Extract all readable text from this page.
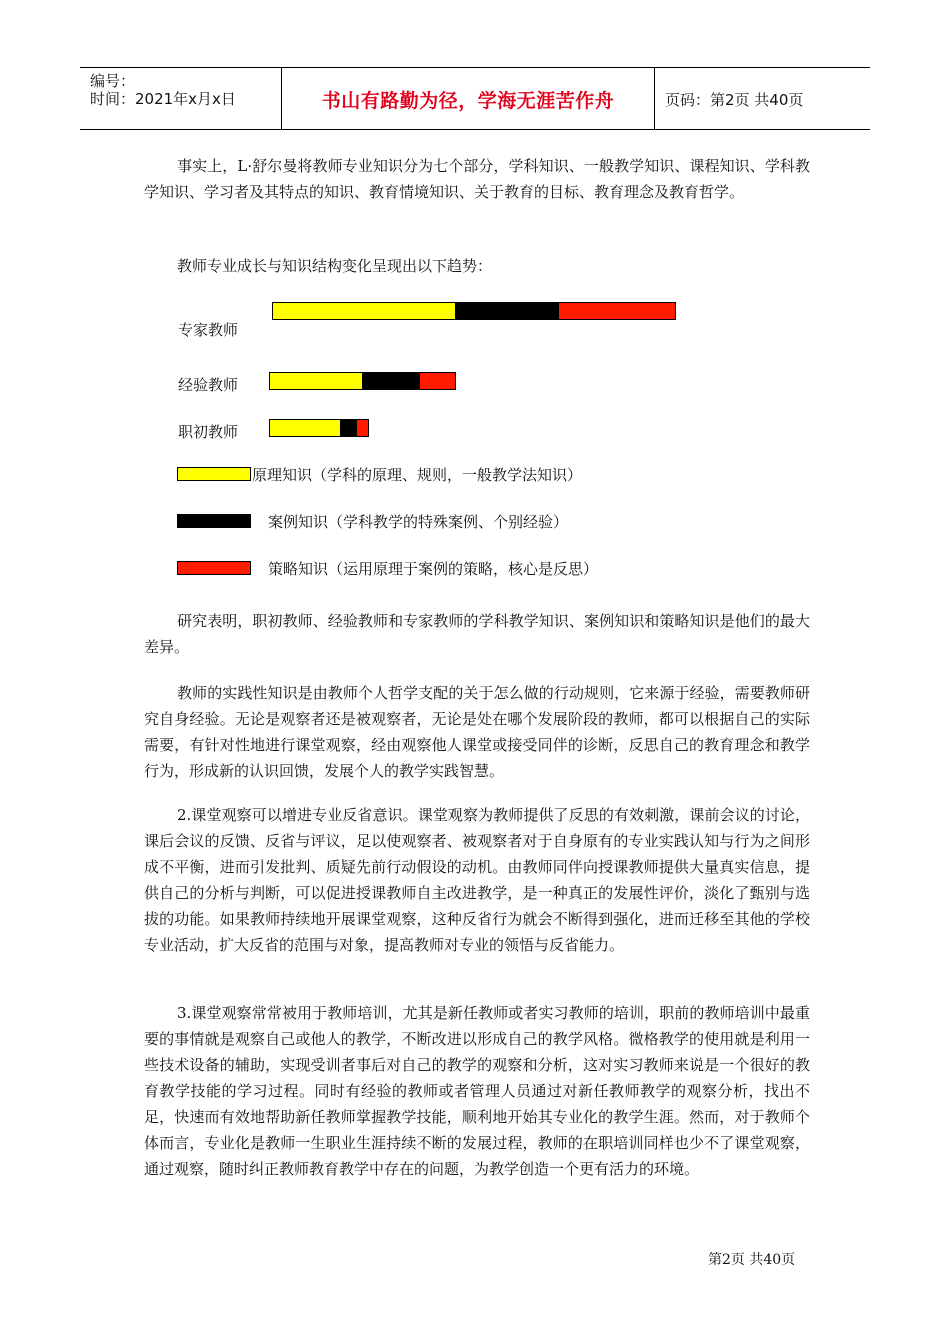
编号：
时间：2021年x月x日	书山有路勤为径，学海无涯苦作舟	页码：第2页 共40页

事实上，L·舒尔曼将教师专业知识分为七个部分，学科知识、一般教学知识、课程知识、学科教学知识、学习者及其特点的知识、教育情境知识、关于教育的目标、教育理念及教育哲学。

教师专业成长与知识结构变化呈现出以下趋势：

专家教师
经验教师
职初教师
原理知识（学科的原理、规则，一般教学法知识）
案例知识（学科教学的特殊案例、个别经验）
策略知识（运用原理于案例的策略，核心是反思）

研究表明，职初教师、经验教师和专家教师的学科教学知识、案例知识和策略知识是他们的最大差异。

教师的实践性知识是由教师个人哲学支配的关于怎么做的行动规则，它来源于经验，需要教师研究自身经验。无论是观察者还是被观察者，无论是处在哪个发展阶段的教师，都可以根据自己的实际需要，有针对性地进行课堂观察，经由观察他人课堂或接受同伴的诊断，反思自己的教育理念和教学行为，形成新的认识回馈，发展个人的教学实践智慧。

2.课堂观察可以增进专业反省意识。课堂观察为教师提供了反思的有效刺激，课前会议的讨论，课后会议的反馈、反省与评议，足以使观察者、被观察者对于自身原有的专业实践认知与行为之间形成不平衡，进而引发批判、质疑先前行动假设的动机。由教师同伴向授课教师提供大量真实信息，提供自己的分析与判断，可以促进授课教师自主改进教学，是一种真正的发展性评价，淡化了甄别与选拔的功能。如果教师持续地开展课堂观察，这种反省行为就会不断得到强化，进而迁移至其他的学校专业活动，扩大反省的范围与对象，提高教师对专业的领悟与反省能力。

3.课堂观察常常被用于教师培训，尤其是新任教师或者实习教师的培训，职前的教师培训中最重要的事情就是观察自己或他人的教学，不断改进以形成自己的教学风格。微格教学的使用就是利用一些技术设备的辅助，实现受训者事后对自己的教学的观察和分析，这对实习教师来说是一个很好的教育教学技能的学习过程。同时有经验的教师或者管理人员通过对新任教师教学的观察分析，找出不足，快速而有效地帮助新任教师掌握教学技能，顺利地开始其专业化的教学生涯。然而，对于教师个体而言，专业化是教师一生职业生涯持续不断的发展过程，教师的在职培训同样也少不了课堂观察，通过观察，随时纠正教师教育教学中存在的问题，为教学创造一个更有活力的环境。

第2页 共40页
